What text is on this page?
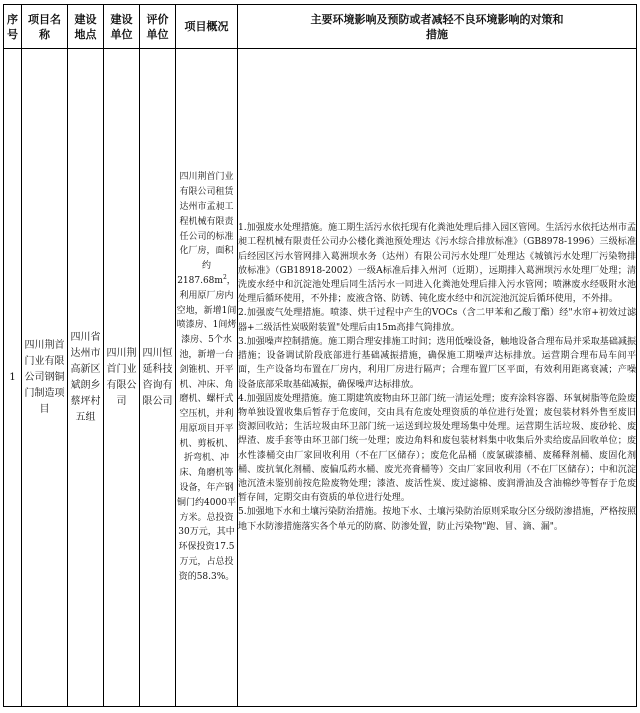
序号	项目名称	建设地点	建设单位	评价单位	项目概况	主要环境影响及预防或者减轻不良环境影响的对策和措施
1	四川荆首门业有限公司钢铜门制造项目	四川省达州市高新区斌朗乡蔡坪村五组	四川荆首门业有限公司	四川恒延科技咨询有限公司	四川荆首门业有限公司租赁达州市孟昶工程机械有限责任公司的标准化厂房，面积约$2187.68m^2$，利用原厂房内空地，新增1间喷漆房、1间烤漆房、5个水池，新增一台剑锥机、开平机、冲床、角磨机、螺杆式空压机，并利用原项目开平机、剪板机、折弯机、冲床、角磨机等设备，年产钢铜门约4000平方米。总投资30万元，其中环保投资17.5万元，占总投资的58.3%。	1.加强废水处理措施。施工期生活污水依托现有化粪池处理后排入园区管网。生活污水依托达州市孟昶工程机械有限责任公司办公楼化粪池预处理达《污水综合排放标准》（GB8978-1996）三级标准后经园区污水管网排入葛洲坝水务（达州）有限公司污水处理厂处理达《城镇污水处理厂污染物排放标准》（GB18918-2002）一级A标准后排入州河（近期），远期排入葛洲坝污水处理厂处理；清洗废水经中和沉淀池处理后同生活污水一同进入化粪池处理后排入污水管网；喷淋废水经吸附水池处理后循环使用，不外排；废液含铬、防锈、钝化废水经中和沉淀池沉淀后循环使用，不外排。

2.加强废气处理措施。喷漆、烘干过程中产生的VOCs（含二甲苯和乙酸丁酯）经"水帘+初效过滤器+二级活性炭吸附装置"处理后由15m高排气筒排放。

3.加强噪声控制措施。施工期合理安排施工时间；选用低噪设备，触地设备合理布局并采取基础减振措施；设备调试阶段底部进行基础减振措施，确保施工期噪声达标排放。运营期合理布局车间平面，生产设备均布置在厂房内，利用厂房进行隔声；合理布置厂区平面，有效利用距离衰减；产噪设备底部采取基础减振，确保噪声达标排放。

4.加强固废处理措施。施工期建筑废物由环卫部门统一清运处理；废弃涂料容器、环氧树脂等危险废物单独设置收集后暂存于危废间，交由具有危废处理资质的单位进行处置；废包装材料外售至废旧资源回收站；生活垃圾由环卫部门统一运送到垃圾处理场集中处理。运营期生活垃圾、废砂轮、废焊渣、废手套等由环卫部门统一处理；废边角料和废包装材料集中收集后外卖给废品回收单位；废水性漆桶交由厂家回收利用（不在厂区储存）；废危化品桶（废氯碳漆桶、废稀释剂桶、废固化剂桶、废抗氧化剂桶、废偏瓜药水桶、废光亮膏桶等）交由厂家回收利用（不在厂区储存）；中和沉淀池沉渣未鉴别前按危险废物处理；漆渣、废活性炭、废过滤棉、废润滑油及含油棉纱等暂存于危废暂存间，定期交由有资质的单位进行处理。

5.加强地下水和土壤污染防治措施。按地下水、土壤污染防治原则采取分区分级防渗措施，严格按照地下水防渗措施落实各个单元的防腐、防渗处置，防止污染物"跑、冒、滴、漏"。
